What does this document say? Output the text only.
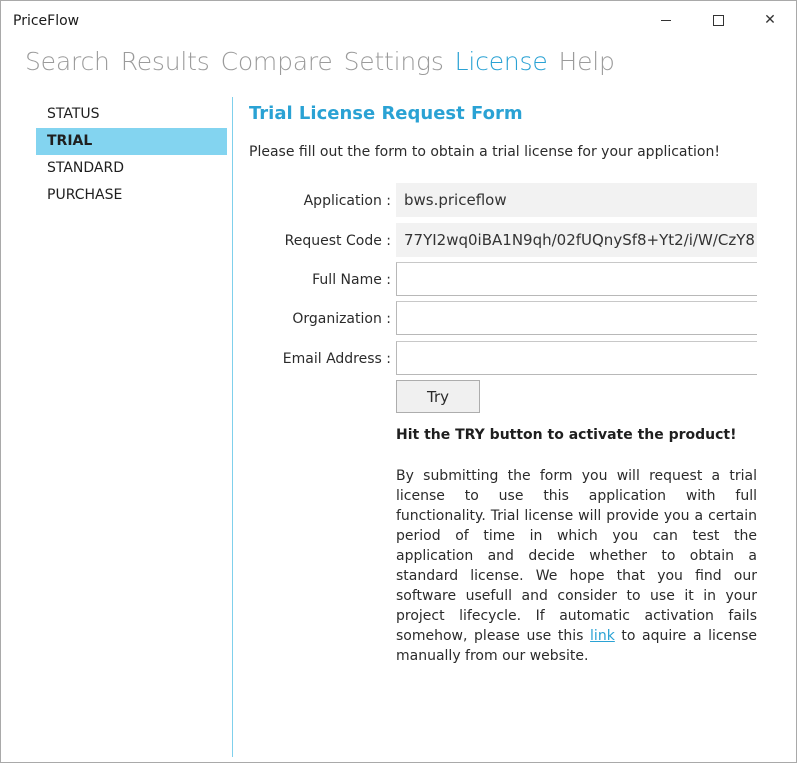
PriceFlow	✕
Search Results Compare Settings License Help
STATUS
TRIAL
STANDARD
PURCHASE
Trial License Request Form
Please fill out the form to obtain a trial license for your application!
Application : bws.priceflow
Request Code : 77YI2wq0iBA1N9qh/02fUQnySf8+Yt2/i/W/CzY8
Full Name :
Organization :
Email Address :
Try
Hit the TRY button to activate the product!
By submitting the form you will request a trial license to use this application with full functionality. Trial license will provide you a certain period of time in which you can test the application and decide whether to obtain a standard license. We hope that you find our software usefull and consider to use it in your project lifecycle. If automatic activation fails somehow, please use this link to aquire a license manually from our website.
